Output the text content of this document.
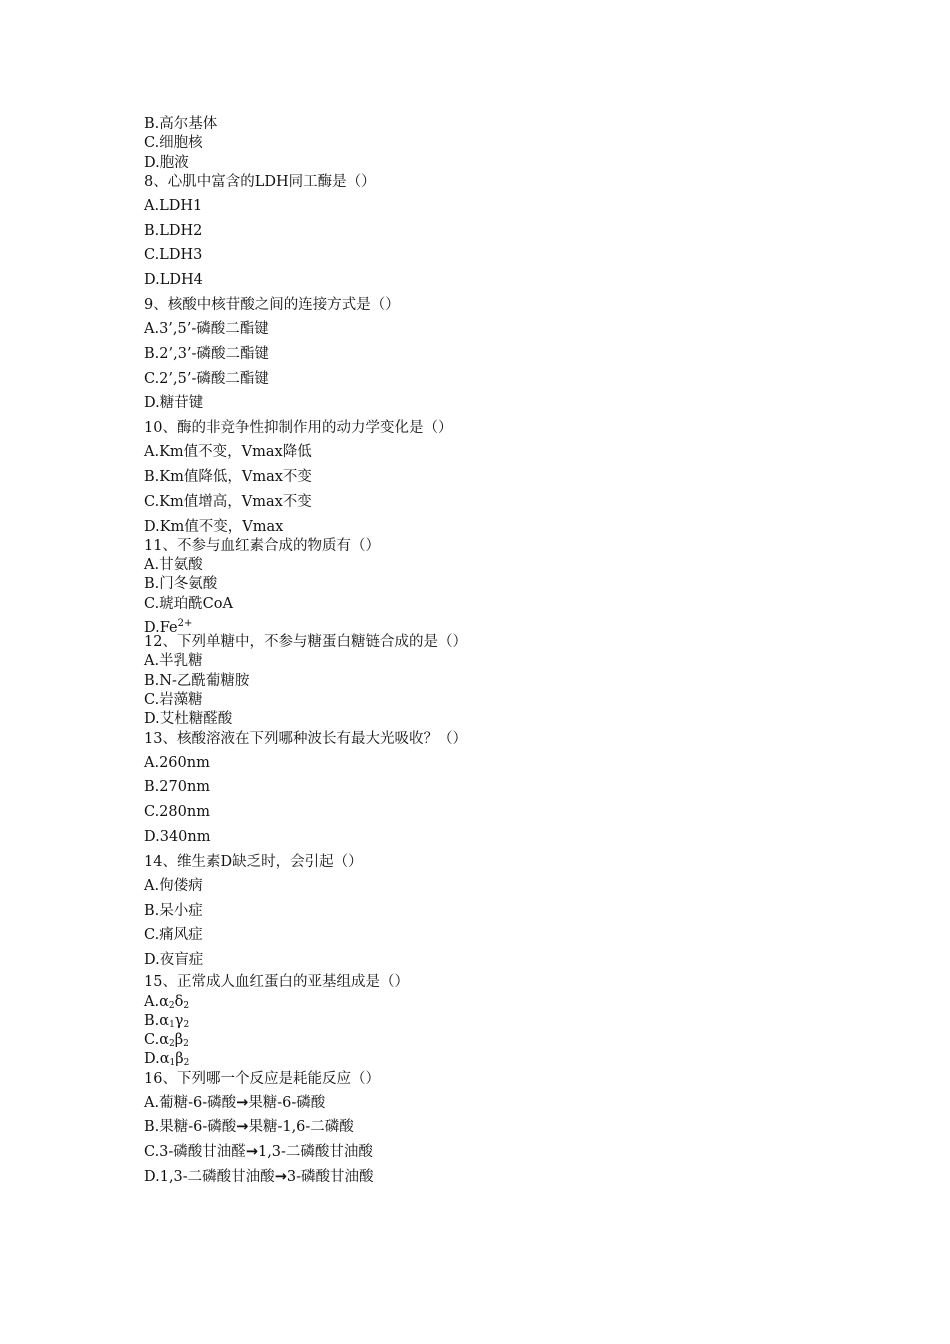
B.高尔基体
C.细胞核
D.胞液
8、心肌中富含的LDH同工酶是（）
A.LDH1
B.LDH2
C.LDH3
D.LDH4
9、核酸中核苷酸之间的连接方式是（）
A.3’,5’-磷酸二酯键
B.2’,3’-磷酸二酯键
C.2’,5’-磷酸二酯键
D.糖苷键
10、酶的非竞争性抑制作用的动力学变化是（）
A.Km值不变，Vmax降低
B.Km值降低，Vmax不变
C.Km值增高，Vmax不变
D.Km值不变，Vmax
11、不参与血红素合成的物质有（）
A.甘氨酸
B.门冬氨酸
C.琥珀酰CoA
$D.Fe^{2+}$
12、下列单糖中，不参与糖蛋白糖链合成的是（）
A.半乳糖
B.N-乙酰葡糖胺
C.岩藻糖
D.艾杜糖醛酸
13、核酸溶液在下列哪种波长有最大光吸收？（）
A.260nm
B.270nm
C.280nm
D.340nm
14、维生素D缺乏时，会引起（）
A.佝偻病
B.呆小症
C.痛风症
D.夜盲症
15、正常成人血红蛋白的亚基组成是（）
$A.\alpha_2\delta_2$
$B.\alpha_1\gamma_2$
$C.\alpha_2\beta_2$
$D.\alpha_1\beta_2$
16、下列哪一个反应是耗能反应（）
A.葡糖-6-磷酸→果糖-6-磷酸
B.果糖-6-磷酸→果糖-1,6-二磷酸
C.3-磷酸甘油醛→1,3-二磷酸甘油酸
D.1,3-二磷酸甘油酸→3-磷酸甘油酸
